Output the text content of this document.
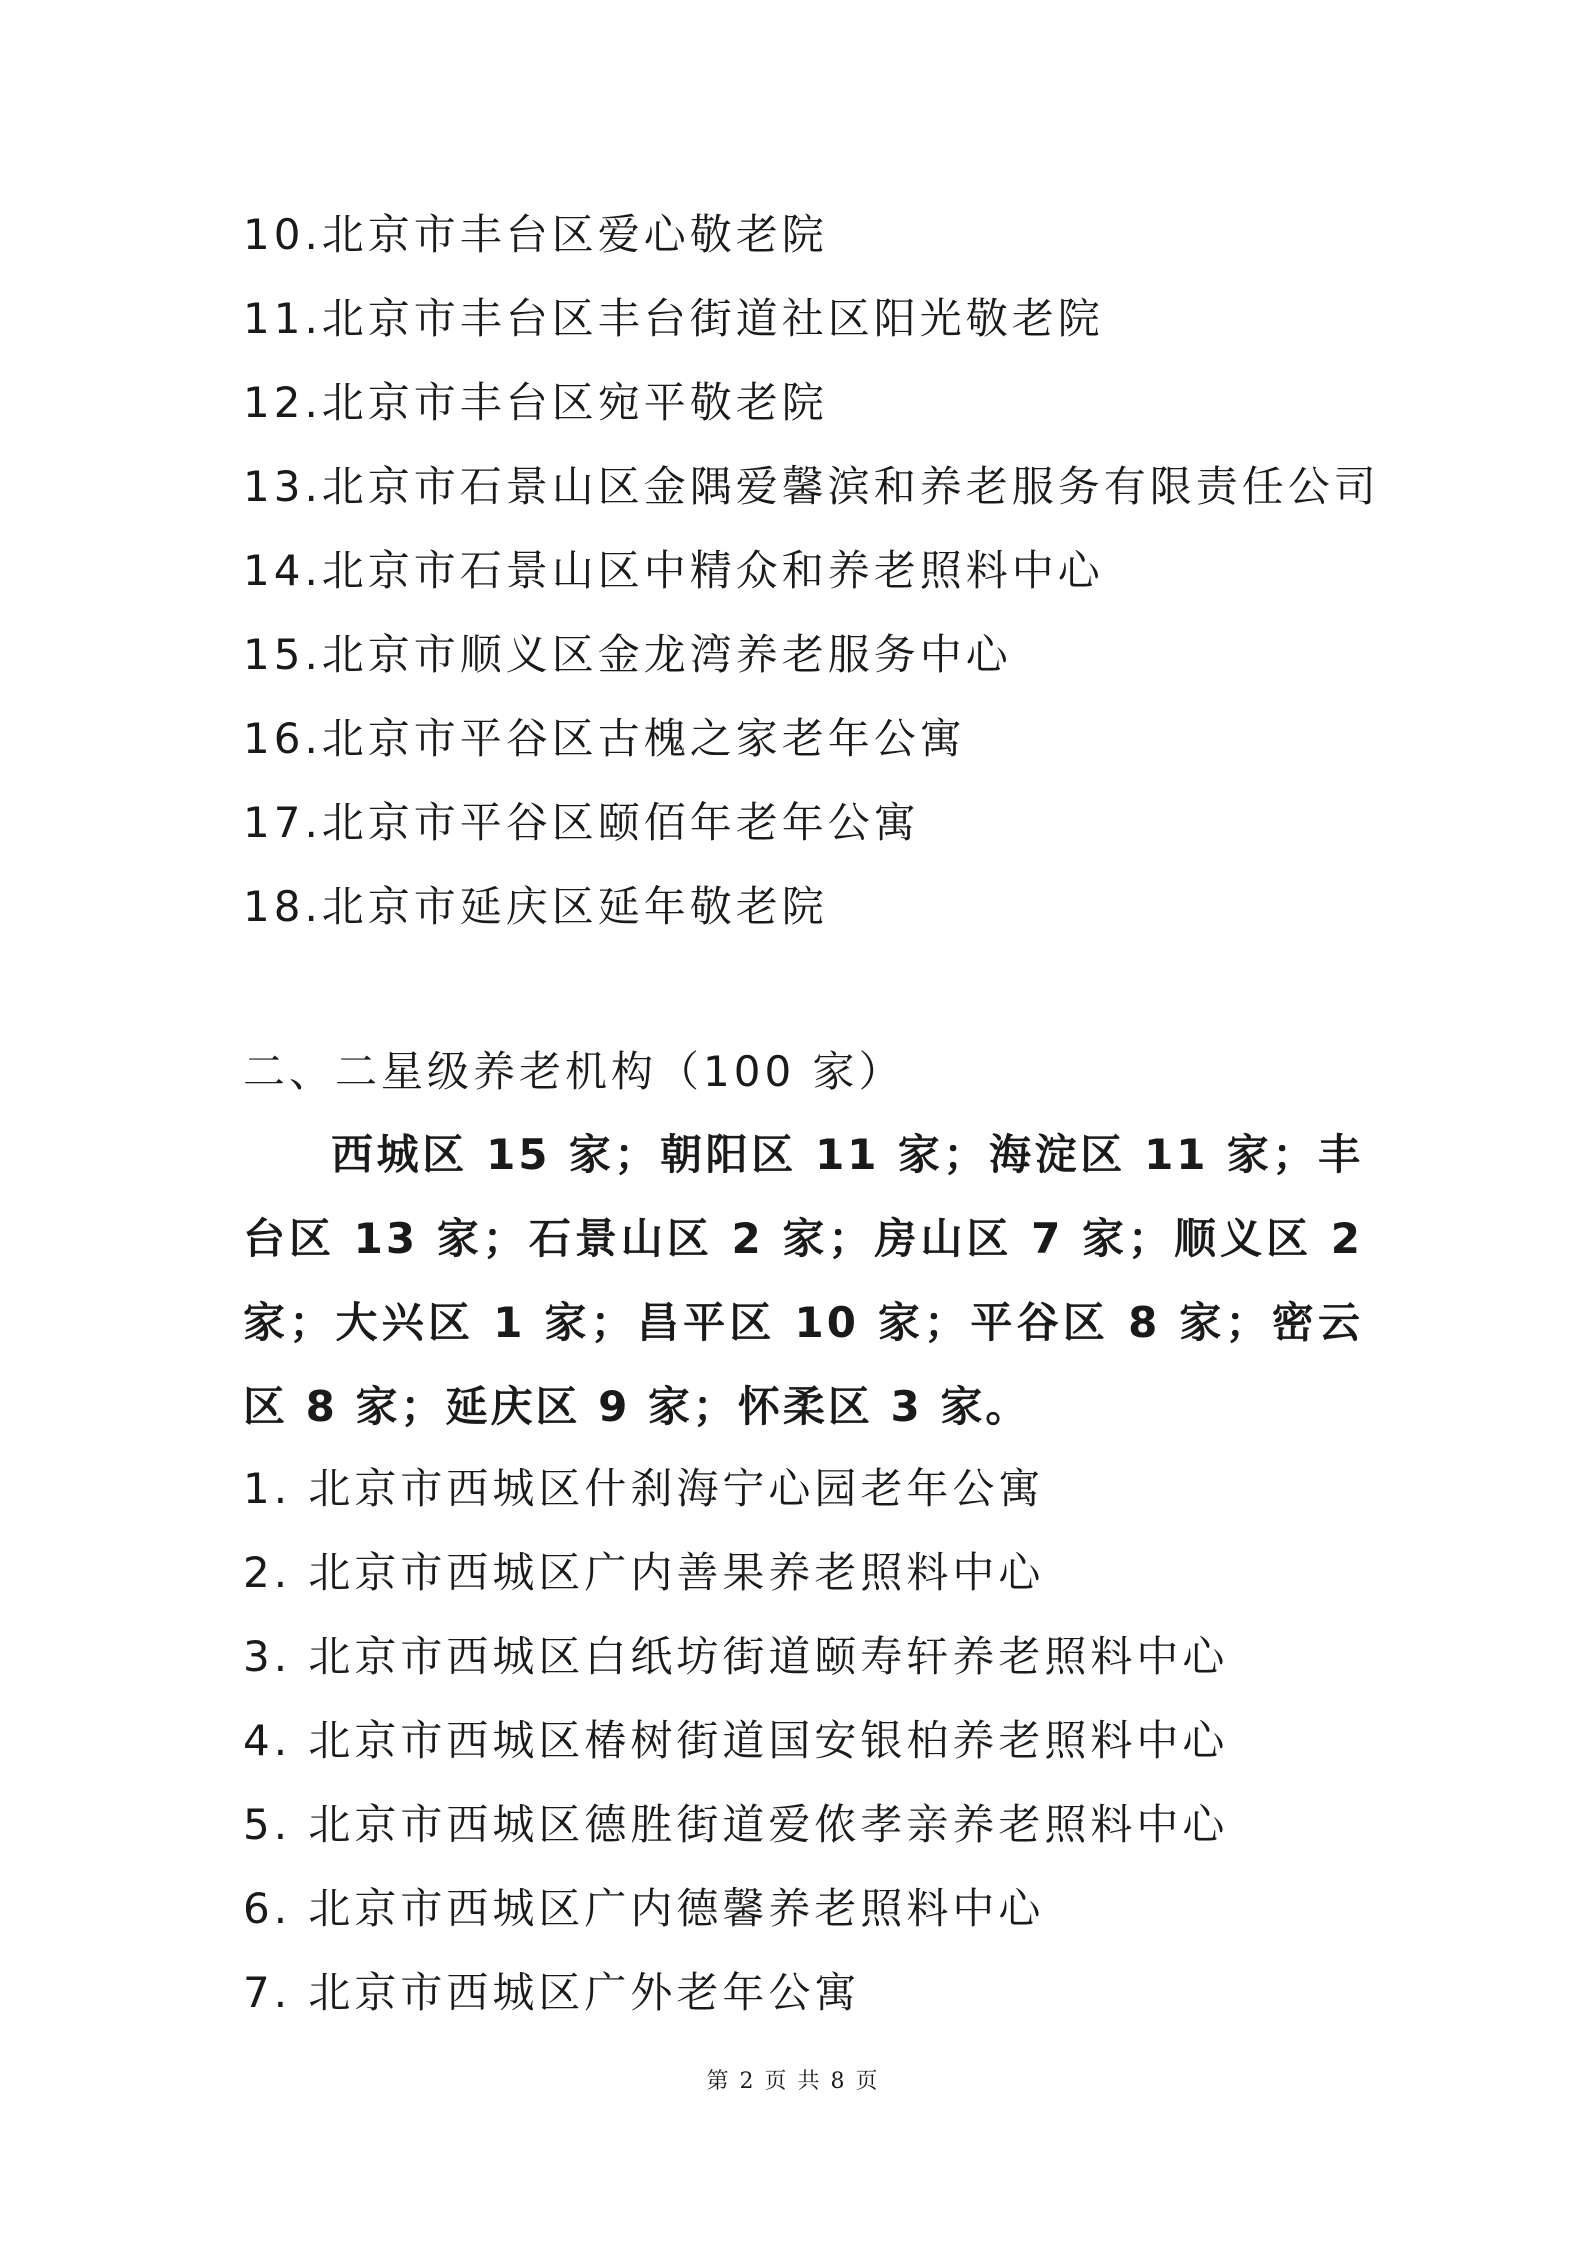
10.北京市丰台区爱心敬老院
11.北京市丰台区丰台街道社区阳光敬老院
12.北京市丰台区宛平敬老院
13.北京市石景山区金隅爱馨滨和养老服务有限责任公司
14.北京市石景山区中精众和养老照料中心
15.北京市顺义区金龙湾养老服务中心
16.北京市平谷区古槐之家老年公寓
17.北京市平谷区颐佰年老年公寓
18.北京市延庆区延年敬老院
二、二星级养老机构（100 家）
西城区 15 家；朝阳区 11 家；海淀区 11 家；丰台区 13 家；石景山区 2 家；房山区 7 家；顺义区 2 家；大兴区 1 家；昌平区 10 家；平谷区 8 家；密云区 8 家；延庆区 9 家；怀柔区 3 家。
1. 北京市西城区什刹海宁心园老年公寓
2. 北京市西城区广内善果养老照料中心
3. 北京市西城区白纸坊街道颐寿轩养老照料中心
4. 北京市西城区椿树街道国安银柏养老照料中心
5. 北京市西城区德胜街道爱侬孝亲养老照料中心
6. 北京市西城区广内德馨养老照料中心
7. 北京市西城区广外老年公寓
第 2 页 共 8 页
